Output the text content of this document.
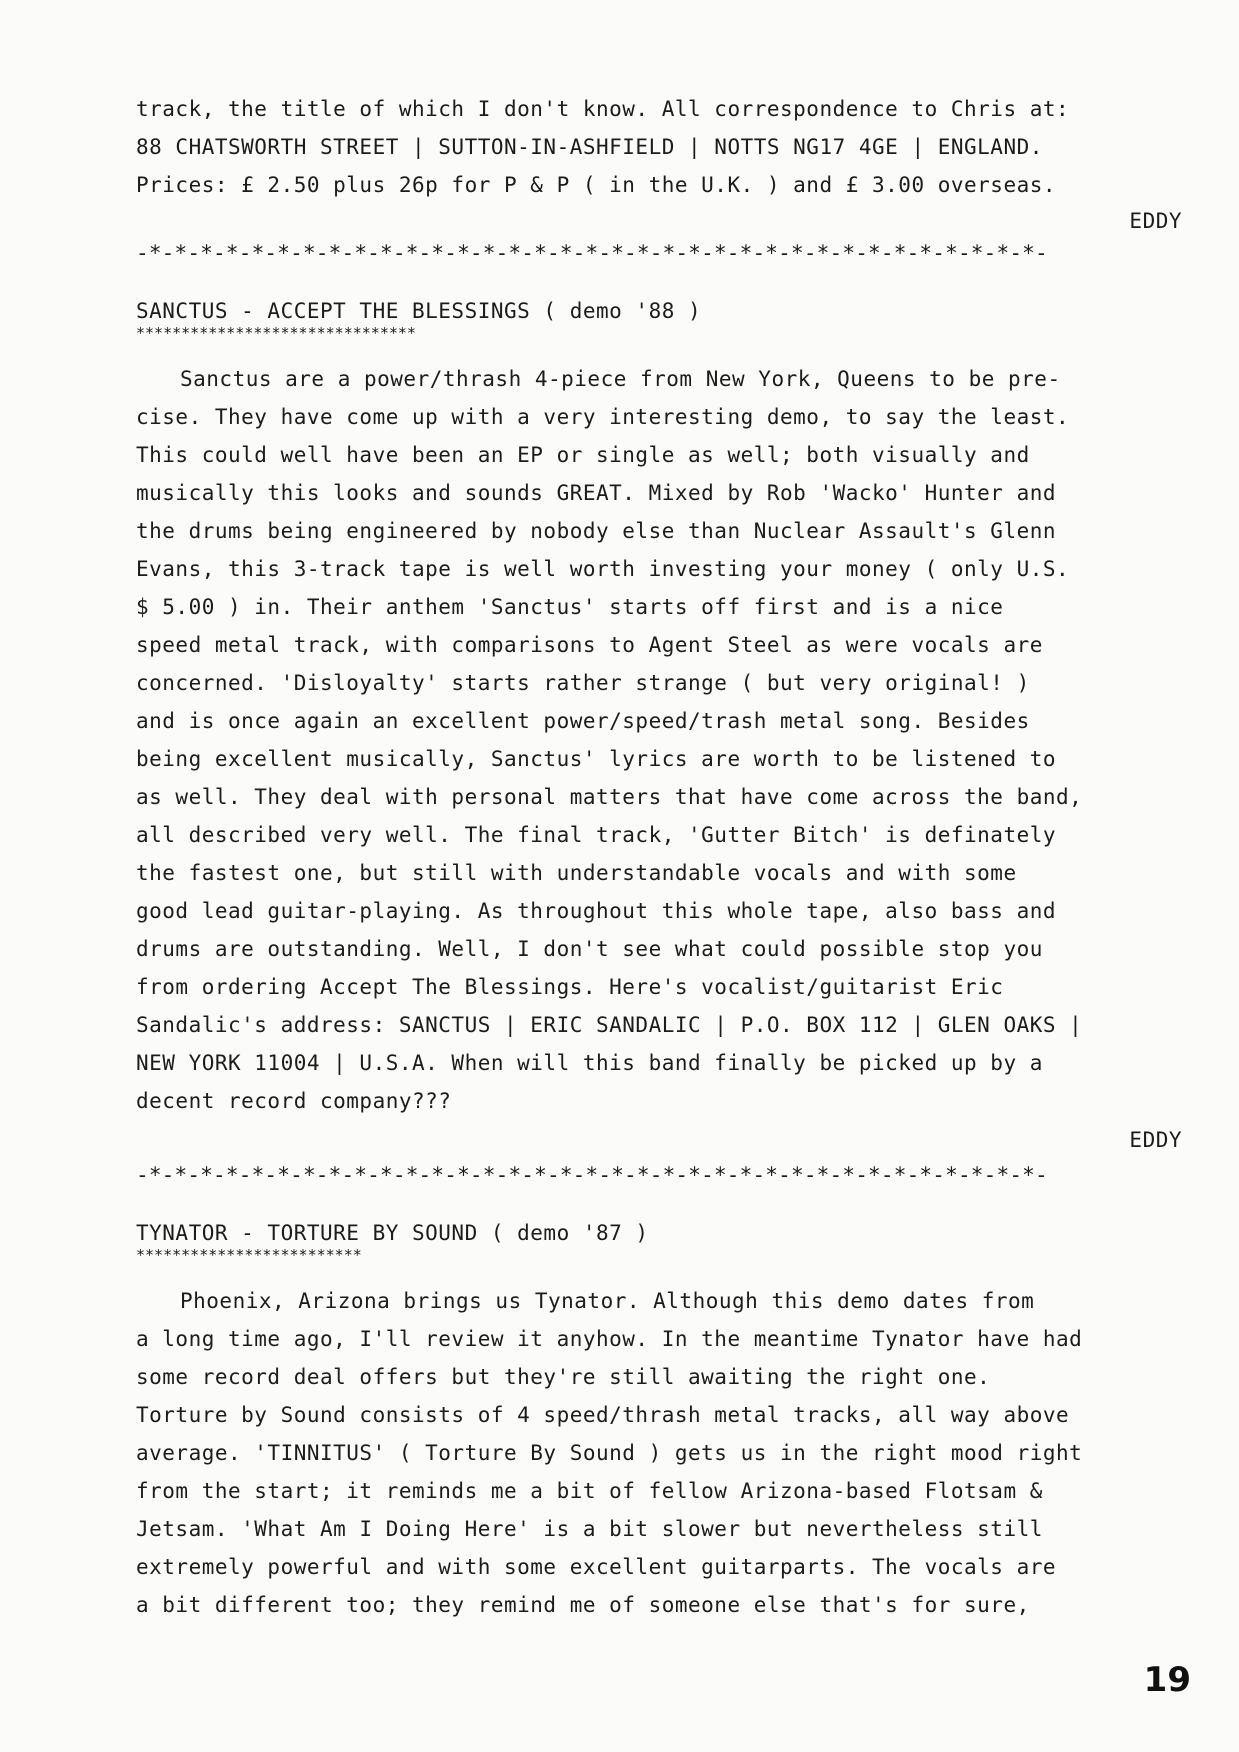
track, the title of which I don't know. All correspondence to Chris at:
88 CHATSWORTH STREET | SUTTON-IN-ASHFIELD | NOTTS NG17 4GE | ENGLAND.
Prices: £ 2.50 plus 26p for P & P ( in the U.K. ) and £ 3.00 overseas.
EDDY
-*-*-*-*-*-*-*-*-*-*-*-*-*-*-*-*-*-*-*-*-*-*-*-*-*-*-*-*-*-*-*-*-*-*-*-
SANCTUS - ACCEPT THE BLESSINGS ( demo '88 )
*******************************
Sanctus are a power/thrash 4-piece from New York, Queens to be pre-
cise. They have come up with a very interesting demo, to say the least.
This could well have been an EP or single as well; both visually and
musically this looks and sounds GREAT. Mixed by Rob 'Wacko' Hunter and
the drums being engineered by nobody else than Nuclear Assault's Glenn
Evans, this 3-track tape is well worth investing your money ( only U.S.
$ 5.00 ) in. Their anthem 'Sanctus' starts off first and is a nice
speed metal track, with comparisons to Agent Steel as were vocals are
concerned. 'Disloyalty' starts rather strange ( but very original! )
and is once again an excellent power/speed/trash metal song. Besides
being excellent musically, Sanctus' lyrics are worth to be listened to
as well. They deal with personal matters that have come across the band,
all described very well. The final track, 'Gutter Bitch' is definately
the fastest one, but still with understandable vocals and with some
good lead guitar-playing. As throughout this whole tape, also bass and
drums are outstanding. Well, I don't see what could possible stop you
from ordering Accept The Blessings. Here's vocalist/guitarist Eric
Sandalic's address: SANCTUS | ERIC SANDALIC | P.O. BOX 112 | GLEN OAKS |
NEW YORK 11004 | U.S.A. When will this band finally be picked up by a
decent record company???
EDDY
-*-*-*-*-*-*-*-*-*-*-*-*-*-*-*-*-*-*-*-*-*-*-*-*-*-*-*-*-*-*-*-*-*-*-*-
TYNATOR - TORTURE BY SOUND ( demo '87 )
*************************
Phoenix, Arizona brings us Tynator. Although this demo dates from
a long time ago, I'll review it anyhow. In the meantime Tynator have had
some record deal offers but they're still awaiting the right one.
Torture by Sound consists of 4 speed/thrash metal tracks, all way above
average. 'TINNITUS' ( Torture By Sound ) gets us in the right mood right
from the start; it reminds me a bit of fellow Arizona-based Flotsam &
Jetsam. 'What Am I Doing Here' is a bit slower but nevertheless still
extremely powerful and with some excellent guitarparts. The vocals are
a bit different too; they remind me of someone else that's for sure,
19
